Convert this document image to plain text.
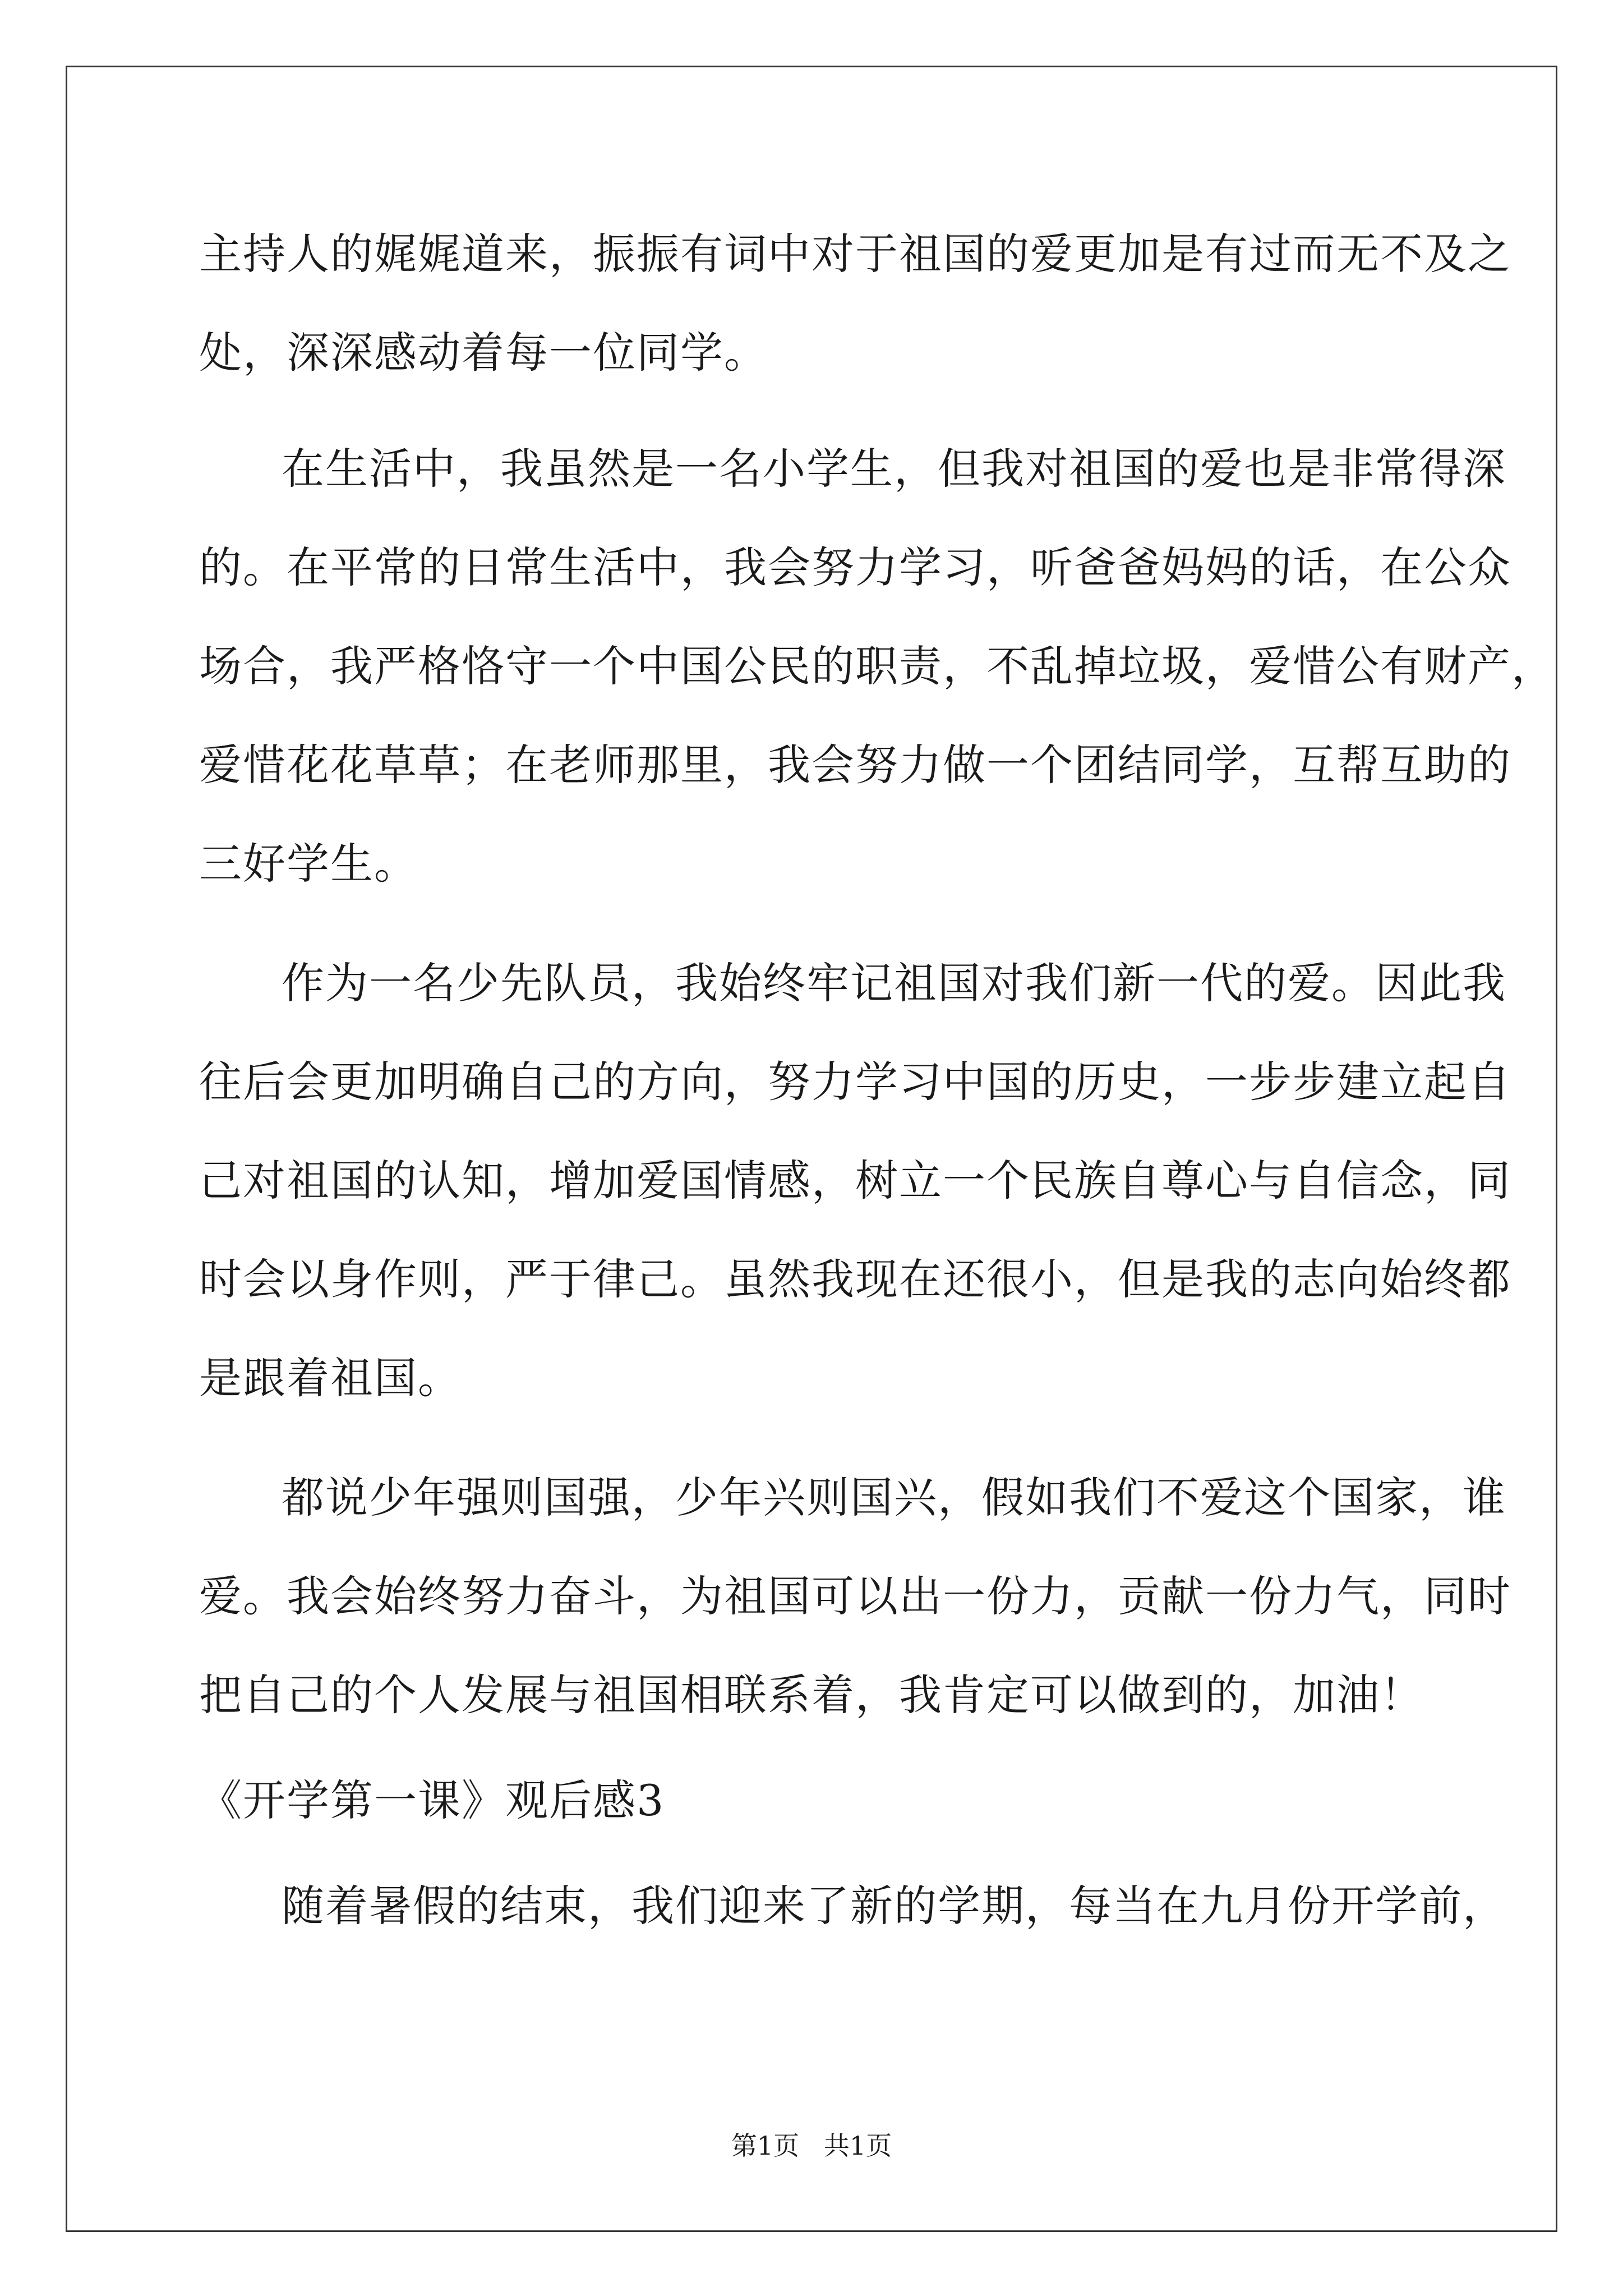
主持人的娓娓道来，振振有词中对于祖国的爱更加是有过而无不及之
处，深深感动着每一位同学。
在生活中，我虽然是一名小学生，但我对祖国的爱也是非常得深
的。在平常的日常生活中，我会努力学习，听爸爸妈妈的话，在公众
场合，我严格恪守一个中国公民的职责，不乱掉垃圾，爱惜公有财产，
爱惜花花草草；在老师那里，我会努力做一个团结同学，互帮互助的
三好学生。
作为一名少先队员，我始终牢记祖国对我们新一代的爱。因此我
往后会更加明确自己的方向，努力学习中国的历史，一步步建立起自
己对祖国的认知，增加爱国情感，树立一个民族自尊心与自信念，同
时会以身作则，严于律己。虽然我现在还很小，但是我的志向始终都
是跟着祖国。
都说少年强则国强，少年兴则国兴，假如我们不爱这个国家，谁
爱。我会始终努力奋斗，为祖国可以出一份力，贡献一份力气，同时
把自己的个人发展与祖国相联系着，我肯定可以做到的，加油！
《开学第一课》观后感3
随着暑假的结束，我们迎来了新的学期，每当在九月份开学前，
第1页   共1页
